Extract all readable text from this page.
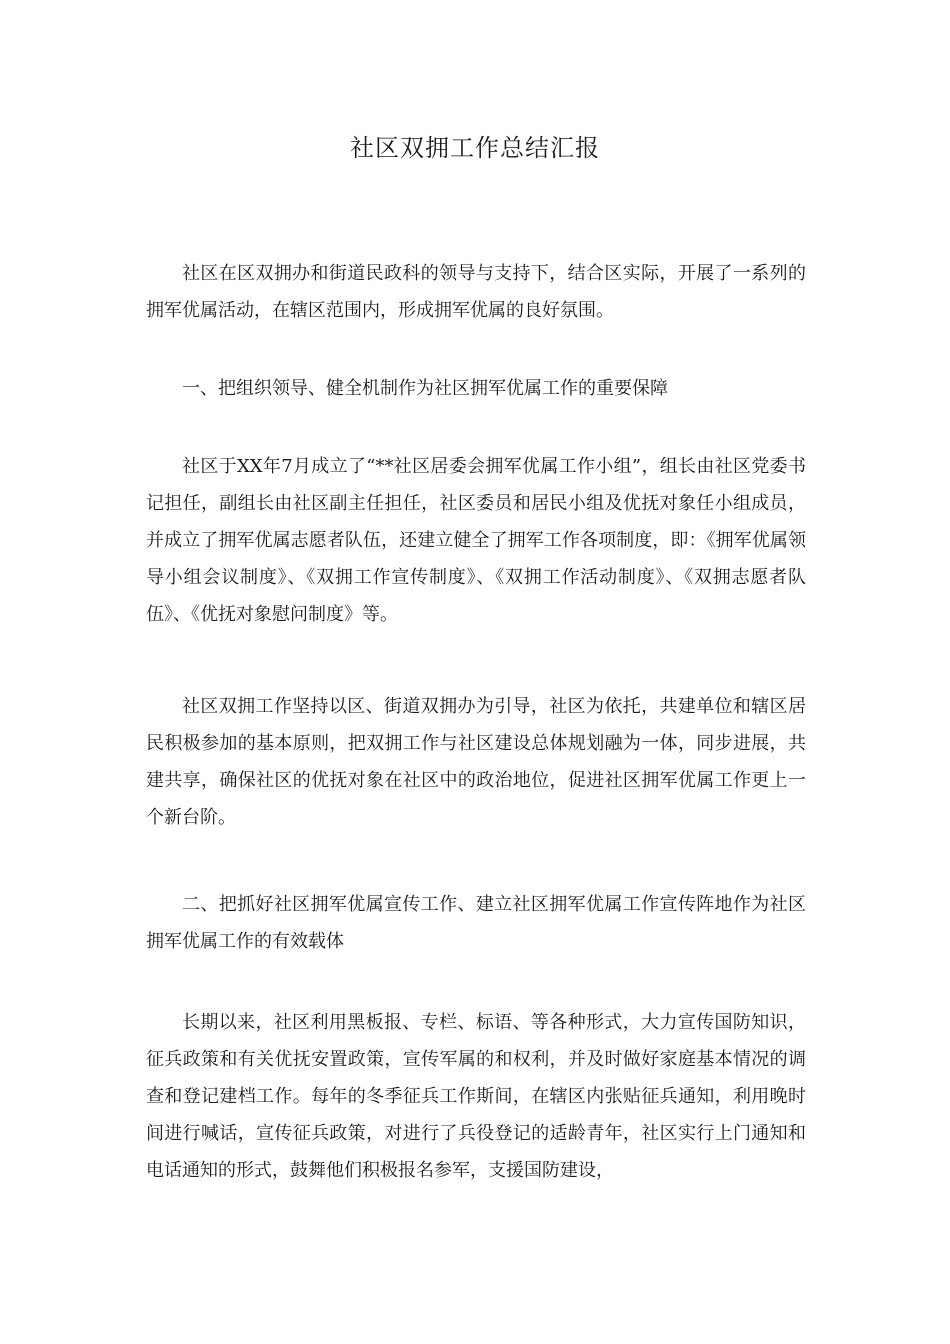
社区双拥工作总结汇报

社区在区双拥办和街道民政科的领导与支持下，结合区实际，开展了一系列的拥军优属活动，在辖区范围内，形成拥军优属的良好氛围。

一、把组织领导、健全机制作为社区拥军优属工作的重要保障

社区于XX年7月成立了“**社区居委会拥军优属工作小组”，组长由社区党委书记担任，副组长由社区副主任担任，社区委员和居民小组及优抚对象任小组成员，并成立了拥军优属志愿者队伍，还建立健全了拥军工作各项制度，即：《拥军优属领导小组会议制度》、《双拥工作宣传制度》、《双拥工作活动制度》、《双拥志愿者队伍》、《优抚对象慰问制度》等。

社区双拥工作坚持以区、街道双拥办为引导，社区为依托，共建单位和辖区居民积极参加的基本原则，把双拥工作与社区建设总体规划融为一体，同步进展，共建共享，确保社区的优抚对象在社区中的政治地位，促进社区拥军优属工作更上一个新台阶。

二、把抓好社区拥军优属宣传工作、建立社区拥军优属工作宣传阵地作为社区拥军优属工作的有效载体

长期以来，社区利用黑板报、专栏、标语、等各种形式，大力宣传国防知识，征兵政策和有关优抚安置政策，宣传军属的和权利，并及时做好家庭基本情况的调查和登记建档工作。每年的冬季征兵工作斯间，在辖区内张贴征兵通知，利用晚时间进行喊话，宣传征兵政策，对进行了兵役登记的适龄青年，社区实行上门通知和电话通知的形式，鼓舞他们积极报名参军，支援国防建设，
